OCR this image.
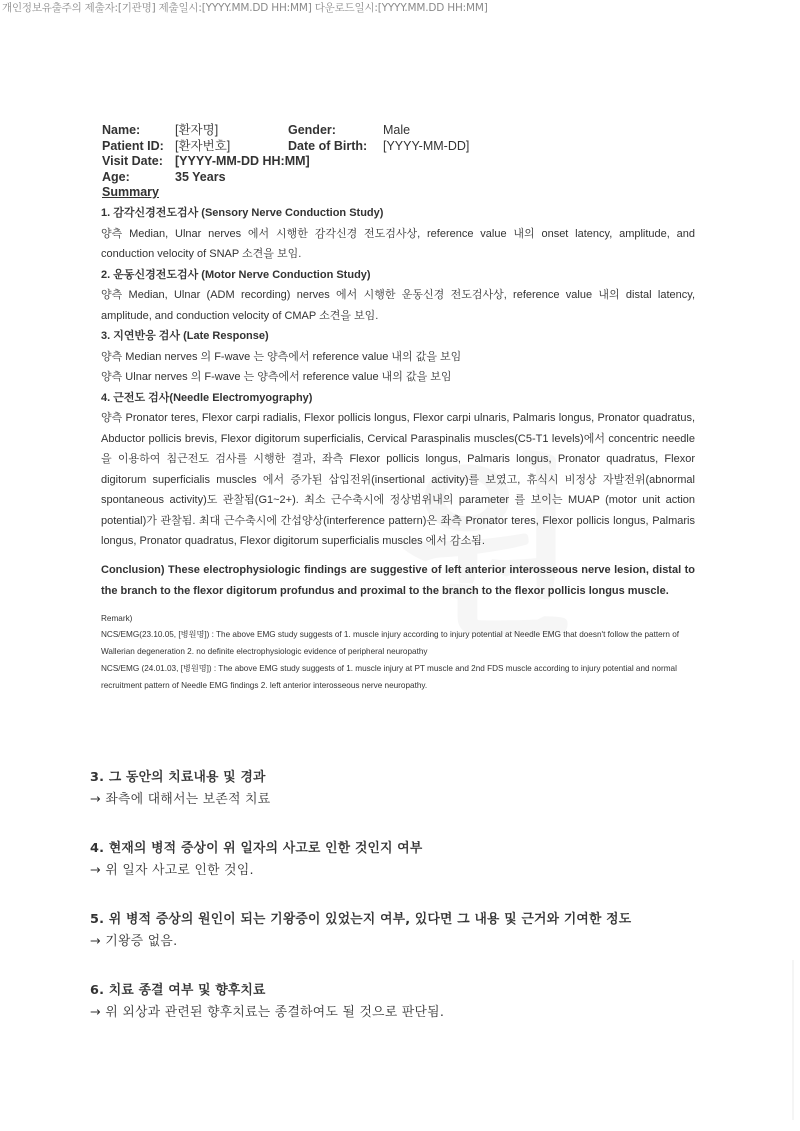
개인정보유출주의 제출자:[기관명] 제출일시:[YYYY.MM.DD HH:MM] 다운로드일시:[YYYY.MM.DD HH:MM]
Name:	[환자명]	Gender:	Male
Patient ID: [환자번호]	Date of Birth:	[YYYY-MM-DD]
Visit Date: [YYYY-MM-DD HH:MM]
Age:	35 Years
Summary
1. 감각신경전도검사 (Sensory Nerve Conduction Study)
양측 Median, Ulnar nerves 에서 시행한 감각신경 전도검사상, reference value 내의 onset latency, amplitude, and conduction velocity of SNAP 소견을 보임.
2. 운동신경전도검사 (Motor Nerve Conduction Study)
양측 Median, Ulnar (ADM recording) nerves 에서 시행한 운동신경 전도검사상, reference value 내의 distal latency, amplitude, and conduction velocity of CMAP 소견을 보임.
3. 지연반응 검사 (Late Response)
양측 Median nerves 의 F-wave 는 양측에서 reference value 내의 값을 보임
양측 Ulnar nerves 의 F-wave 는 양측에서 reference value 내의 값을 보임
4. 근전도 검사(Needle Electromyography)
양측 Pronator teres, Flexor carpi radialis, Flexor pollicis longus, Flexor carpi ulnaris, Palmaris longus, Pronator quadratus, Abductor pollicis brevis, Flexor digitorum superficialis, Cervical Paraspinalis muscles(C5-T1 levels)에서 concentric needle 을 이용하여 침근전도 검사를 시행한 결과, 좌측 Flexor pollicis longus, Palmaris longus, Pronator quadratus, Flexor digitorum superficialis muscles 에서 증가된 삽입전위(insertional activity)를 보였고, 휴식시 비정상 자발전위(abnormal spontaneous activity)도 관찰됨(G1~2+). 최소 근수축시에 정상범위내의 parameter 를 보이는 MUAP (motor unit action potential)가 관찰됨. 최대 근수축시에 간섭양상(interference pattern)은 좌측 Pronator teres, Flexor pollicis longus, Palmaris longus, Pronator quadratus, Flexor digitorum superficialis muscles 에서 감소됨.
Conclusion) These electrophysiologic findings are suggestive of left anterior interosseous nerve lesion, distal to the branch to the flexor digitorum profundus and proximal to the branch to the flexor pollicis longus muscle.
Remark)
NCS/EMG(23.10.05, [병원명]) : The above EMG study suggests of 1. muscle injury according to injury potential at Needle EMG that doesn't follow the pattern of Wallerian degeneration 2. no definite electrophysiologic evidence of peripheral neuropathy
NCS/EMG (24.01.03, [병원명]) : The above EMG study suggests of 1. muscle injury at PT muscle and 2nd FDS muscle according to injury potential and normal recruitment pattern of Needle EMG findings 2. left anterior interosseous nerve neuropathy.
3. 그 동안의 치료내용 및 경과
→ 좌측에 대해서는 보존적 치료
4. 현재의 병적 증상이 위 일자의 사고로 인한 것인지 여부
→ 위 일자 사고로 인한 것임.
5. 위 병적 증상의 원인이 되는 기왕증이 있었는지 여부, 있다면 그 내용 및 근거와 기여한 정도
→ 기왕증 없음.
6. 치료 종결 여부 및 향후치료
→ 위 외상과 관련된 향후치료는 종결하여도 될 것으로 판단됨.
